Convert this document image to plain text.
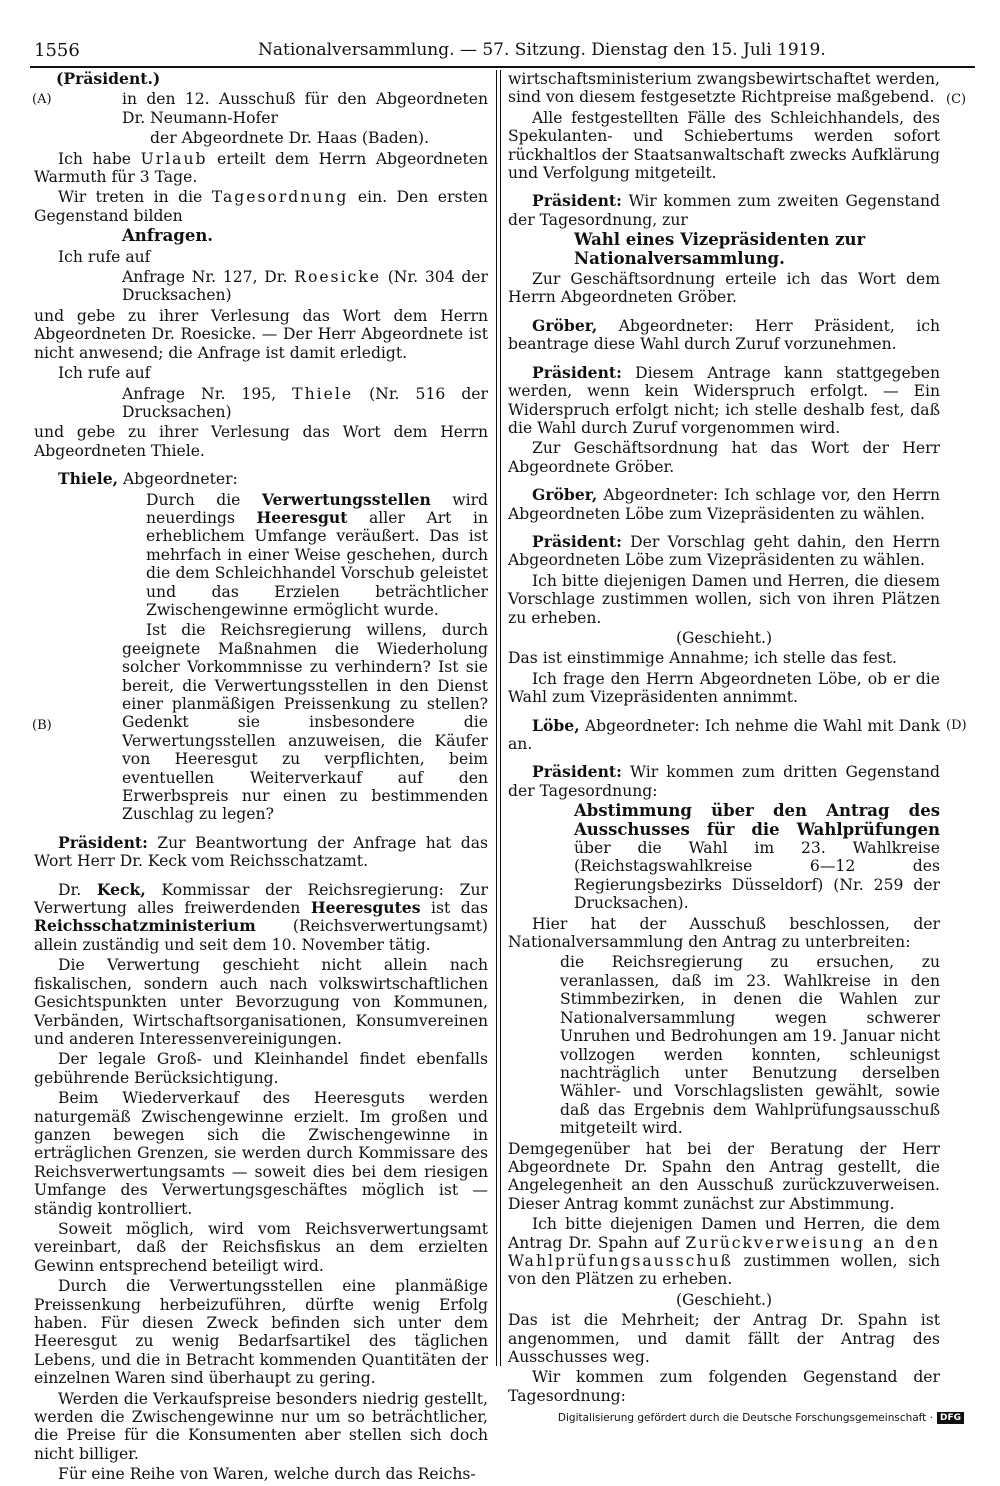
1556	Nationalversammlung. — 57. Sitzung. Dienstag den 15. Juli 1919.
(A)
(B)
(C)
(D)

(Präsident.)

in den 12. Ausschuß für den Abgeordneten Dr. Neumann-Hofer

der Abgeordnete Dr. Haas (Baden).

Ich habe Urlaub erteilt dem Herrn Abgeordneten Warmuth für 3 Tage.

Wir treten in die Tagesordnung ein. Den ersten Gegenstand bilden

Anfragen.

Ich rufe auf

Anfrage Nr. 127, Dr. Roesicke (Nr. 304 der Drucksachen)

und gebe zu ihrer Verlesung das Wort dem Herrn Abgeordneten Dr. Roesicke. — Der Herr Abgeordnete ist nicht anwesend; die Anfrage ist damit erledigt.

Ich rufe auf

Anfrage Nr. 195, Thiele (Nr. 516 der Drucksachen)

und gebe zu ihrer Verlesung das Wort dem Herrn Abgeordneten Thiele.

Thiele, Abgeordneter:

Durch die Verwertungsstellen wird neuerdings Heeresgut aller Art in erheblichem Umfange veräußert. Das ist mehrfach in einer Weise geschehen, durch die dem Schleichhandel Vorschub geleistet und das Erzielen beträchtlicher Zwischengewinne ermöglicht wurde.

Ist die Reichsregierung willens, durch geeignete Maßnahmen die Wiederholung solcher Vorkommnisse zu verhindern? Ist sie bereit, die Verwertungsstellen in den Dienst einer planmäßigen Preissenkung zu stellen? Gedenkt sie insbesondere die Verwertungsstellen anzuweisen, die Käufer von Heeresgut zu verpflichten, beim eventuellen Weiterverkauf auf den Erwerbspreis nur einen zu bestimmenden Zuschlag zu legen?

Präsident: Zur Beantwortung der Anfrage hat das Wort Herr Dr. Keck vom Reichsschatzamt.

Dr. Keck, Kommissar der Reichsregierung: Zur Verwertung alles freiwerdenden Heeresgutes ist das Reichsschatzministerium (Reichsverwertungsamt) allein zuständig und seit dem 10. November tätig.

Die Verwertung geschieht nicht allein nach fiskalischen, sondern auch nach volkswirtschaftlichen Gesichtspunkten unter Bevorzugung von Kommunen, Verbänden, Wirtschaftsorganisationen, Konsumvereinen und anderen Interessenvereinigungen.

Der legale Groß- und Kleinhandel findet ebenfalls gebührende Berücksichtigung.

Beim Wiederverkauf des Heeresguts werden naturgemäß Zwischengewinne erzielt. Im großen und ganzen bewegen sich die Zwischengewinne in erträglichen Grenzen, sie werden durch Kommissare des Reichsverwertungsamts — soweit dies bei dem riesigen Umfange des Verwertungsgeschäftes möglich ist — ständig kontrolliert.

Soweit möglich, wird vom Reichsverwertungsamt vereinbart, daß der Reichsfiskus an dem erzielten Gewinn entsprechend beteiligt wird.

Durch die Verwertungsstellen eine planmäßige Preissenkung herbeizuführen, dürfte wenig Erfolg haben. Für diesen Zweck befinden sich unter dem Heeresgut zu wenig Bedarfsartikel des täglichen Lebens, und die in Betracht kommenden Quantitäten der einzelnen Waren sind überhaupt zu gering.

Werden die Verkaufspreise besonders niedrig gestellt, werden die Zwischengewinne nur um so beträchtlicher, die Preise für die Konsumenten aber stellen sich doch nicht billiger.

Für eine Reihe von Waren, welche durch das Reichs-

wirtschaftsministerium zwangsbewirtschaftet werden, sind von diesem festgesetzte Richtpreise maßgebend.

Alle festgestellten Fälle des Schleichhandels, des Spekulanten- und Schiebertums werden sofort rückhaltlos der Staatsanwaltschaft zwecks Aufklärung und Verfolgung mitgeteilt.

Präsident: Wir kommen zum zweiten Gegenstand der Tagesordnung, zur

Wahl eines Vizepräsidenten zur Nationalversammlung.

Zur Geschäftsordnung erteile ich das Wort dem Herrn Abgeordneten Gröber.

Gröber, Abgeordneter: Herr Präsident, ich beantrage diese Wahl durch Zuruf vorzunehmen.

Präsident: Diesem Antrage kann stattgegeben werden, wenn kein Widerspruch erfolgt. — Ein Widerspruch erfolgt nicht; ich stelle deshalb fest, daß die Wahl durch Zuruf vorgenommen wird.

Zur Geschäftsordnung hat das Wort der Herr Abgeordnete Gröber.

Gröber, Abgeordneter: Ich schlage vor, den Herrn Abgeordneten Löbe zum Vizepräsidenten zu wählen.

Präsident: Der Vorschlag geht dahin, den Herrn Abgeordneten Löbe zum Vizepräsidenten zu wählen.

Ich bitte diejenigen Damen und Herren, die diesem Vorschlage zustimmen wollen, sich von ihren Plätzen zu erheben.

(Geschieht.)

Das ist einstimmige Annahme; ich stelle das fest.

Ich frage den Herrn Abgeordneten Löbe, ob er die Wahl zum Vizepräsidenten annimmt.

Löbe, Abgeordneter: Ich nehme die Wahl mit Dank an.

Präsident: Wir kommen zum dritten Gegenstand der Tagesordnung:

Abstimmung über den Antrag des Ausschusses für die Wahlprüfungen über die Wahl im 23. Wahlkreise (Reichstagswahlkreise 6—12 des Regierungsbezirks Düsseldorf) (Nr. 259 der Drucksachen).

Hier hat der Ausschuß beschlossen, der Nationalversammlung den Antrag zu unterbreiten:

die Reichsregierung zu ersuchen, zu veranlassen, daß im 23. Wahlkreise in den Stimmbezirken, in denen die Wahlen zur Nationalversammlung wegen schwerer Unruhen und Bedrohungen am 19. Januar nicht vollzogen werden konnten, schleunigst nachträglich unter Benutzung derselben Wähler- und Vorschlagslisten gewählt, sowie daß das Ergebnis dem Wahlprüfungsausschuß mitgeteilt wird.

Demgegenüber hat bei der Beratung der Herr Abgeordnete Dr. Spahn den Antrag gestellt, die Angelegenheit an den Ausschuß zurückzuverweisen. Dieser Antrag kommt zunächst zur Abstimmung.

Ich bitte diejenigen Damen und Herren, die dem Antrag Dr. Spahn auf Zurückverweisung an den Wahlprüfungsausschuß zustimmen wollen, sich von den Plätzen zu erheben.

(Geschieht.)

Das ist die Mehrheit; der Antrag Dr. Spahn ist angenommen, und damit fällt der Antrag des Ausschusses weg.

Wir kommen zum folgenden Gegenstand der Tagesordnung:

Digitalisierung gefördert durch die Deutsche Forschungsgemeinschaft · DFG
